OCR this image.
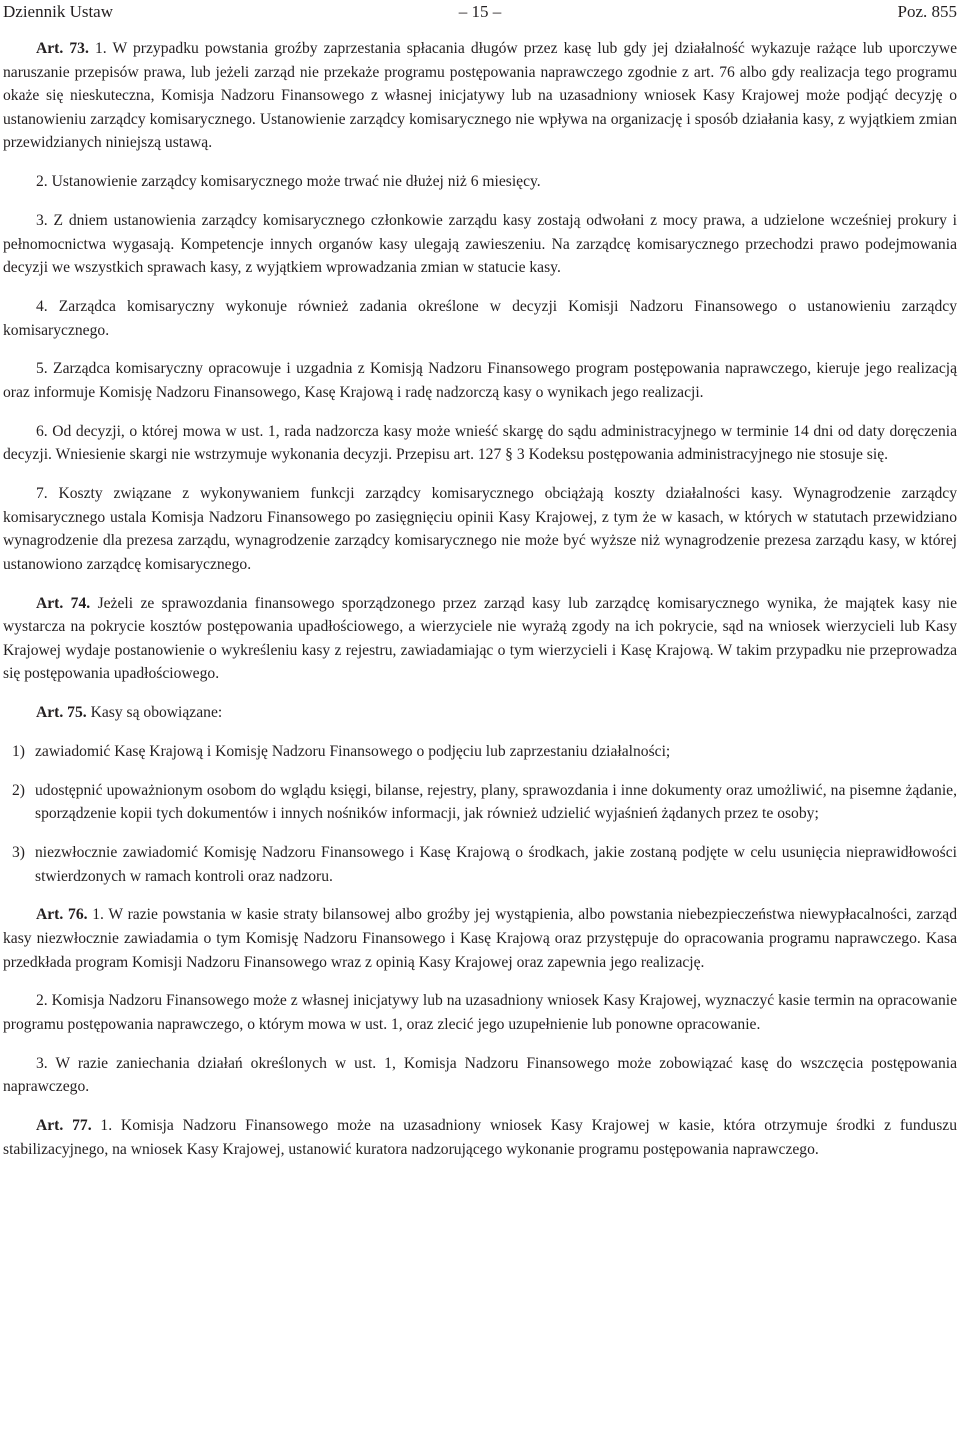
Dziennik Ustaw	– 15 –	Poz. 855

Art. 73. 1. W przypadku powstania groźby zaprzestania spłacania długów przez kasę lub gdy jej działalność wykazuje rażące lub uporczywe naruszanie przepisów prawa, lub jeżeli zarząd nie przekaże programu postępowania naprawczego zgodnie z art. 76 albo gdy realizacja tego programu okaże się nieskuteczna, Komisja Nadzoru Finansowego z własnej inicjatywy lub na uzasadniony wniosek Kasy Krajowej może podjąć decyzję o ustanowieniu zarządcy komisarycznego. Ustanowienie zarządcy komisarycznego nie wpływa na organizację i sposób działania kasy, z wyjątkiem zmian przewidzianych niniejszą ustawą.

2. Ustanowienie zarządcy komisarycznego może trwać nie dłużej niż 6 miesięcy.

3. Z dniem ustanowienia zarządcy komisarycznego członkowie zarządu kasy zostają odwołani z mocy prawa, a udzielone wcześniej prokury i pełnomocnictwa wygasają. Kompetencje innych organów kasy ulegają zawieszeniu. Na zarządcę komisarycznego przechodzi prawo podejmowania decyzji we wszystkich sprawach kasy, z wyjątkiem wprowadzania zmian w statucie kasy.

4. Zarządca komisaryczny wykonuje również zadania określone w decyzji Komisji Nadzoru Finansowego o ustanowieniu zarządcy komisarycznego.

5. Zarządca komisaryczny opracowuje i uzgadnia z Komisją Nadzoru Finansowego program postępowania naprawczego, kieruje jego realizacją oraz informuje Komisję Nadzoru Finansowego, Kasę Krajową i radę nadzorczą kasy o wynikach jego realizacji.

6. Od decyzji, o której mowa w ust. 1, rada nadzorcza kasy może wnieść skargę do sądu administracyjnego w terminie 14 dni od daty doręczenia decyzji. Wniesienie skargi nie wstrzymuje wykonania decyzji. Przepisu art. 127 § 3 Kodeksu postępowania administracyjnego nie stosuje się.

7. Koszty związane z wykonywaniem funkcji zarządcy komisarycznego obciążają koszty działalności kasy. Wynagrodzenie zarządcy komisarycznego ustala Komisja Nadzoru Finansowego po zasięgnięciu opinii Kasy Krajowej, z tym że w kasach, w których w statutach przewidziano wynagrodzenie dla prezesa zarządu, wynagrodzenie zarządcy komisarycznego nie może być wyższe niż wynagrodzenie prezesa zarządu kasy, w której ustanowiono zarządcę komisarycznego.

Art. 74. Jeżeli ze sprawozdania finansowego sporządzonego przez zarząd kasy lub zarządcę komisarycznego wynika, że majątek kasy nie wystarcza na pokrycie kosztów postępowania upadłościowego, a wierzyciele nie wyrażą zgody na ich pokrycie, sąd na wniosek wierzycieli lub Kasy Krajowej wydaje postanowienie o wykreśleniu kasy z rejestru, zawiadamiając o tym wierzycieli i Kasę Krajową. W takim przypadku nie przeprowadza się postępowania upadłościowego.

Art. 75. Kasy są obowiązane:

1) zawiadomić Kasę Krajową i Komisję Nadzoru Finansowego o podjęciu lub zaprzestaniu działalności;
2) udostępnić upoważnionym osobom do wglądu księgi, bilanse, rejestry, plany, sprawozdania i inne dokumenty oraz umożliwić, na pisemne żądanie, sporządzenie kopii tych dokumentów i innych nośników informacji, jak również udzielić wyjaśnień żądanych przez te osoby;
3) niezwłocznie zawiadomić Komisję Nadzoru Finansowego i Kasę Krajową o środkach, jakie zostaną podjęte w celu usunięcia nieprawidłowości stwierdzonych w ramach kontroli oraz nadzoru.

Art. 76. 1. W razie powstania w kasie straty bilansowej albo groźby jej wystąpienia, albo powstania niebezpieczeństwa niewypłacalności, zarząd kasy niezwłocznie zawiadamia o tym Komisję Nadzoru Finansowego i Kasę Krajową oraz przystępuje do opracowania programu naprawczego. Kasa przedkłada program Komisji Nadzoru Finansowego wraz z opinią Kasy Krajowej oraz zapewnia jego realizację.

2. Komisja Nadzoru Finansowego może z własnej inicjatywy lub na uzasadniony wniosek Kasy Krajowej, wyznaczyć kasie termin na opracowanie programu postępowania naprawczego, o którym mowa w ust. 1, oraz zlecić jego uzupełnienie lub ponowne opracowanie.

3. W razie zaniechania działań określonych w ust. 1, Komisja Nadzoru Finansowego może zobowiązać kasę do wszczęcia postępowania naprawczego.

Art. 77. 1. Komisja Nadzoru Finansowego może na uzasadniony wniosek Kasy Krajowej w kasie, która otrzymuje środki z funduszu stabilizacyjnego, na wniosek Kasy Krajowej, ustanowić kuratora nadzorującego wykonanie programu postępowania naprawczego.
